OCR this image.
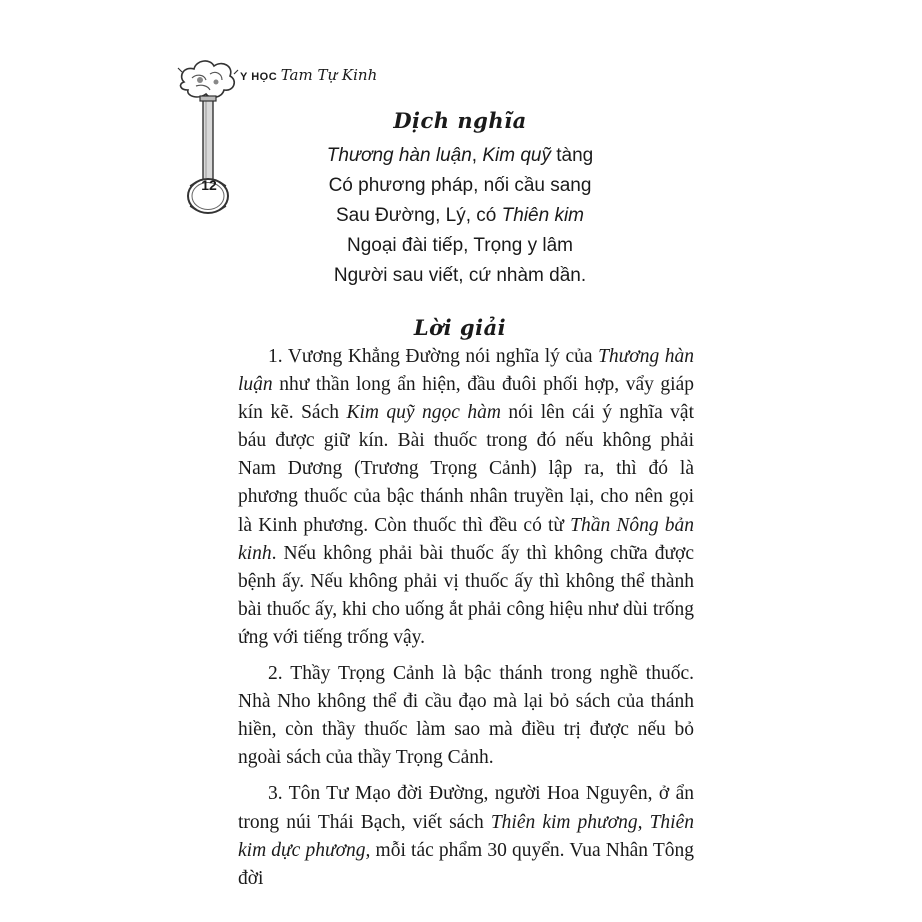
Y HỌC Tam Tự Kinh
12
Dịch nghĩa
Thương hàn luận, Kim quỹ tàng
Có phương pháp, nối cầu sang
Sau Đường, Lý, có Thiên kim
Ngoại đài tiếp, Trọng y lâm
Người sau viết, cứ nhàm dần.
Lời giải

1. Vương Khẳng Đường nói nghĩa lý của Thương hàn luận như thần long ẩn hiện, đầu đuôi phối hợp, vẩy giáp kín kẽ. Sách Kim quỹ ngọc hàm nói lên cái ý nghĩa vật báu được giữ kín. Bài thuốc trong đó nếu không phải Nam Dương (Trương Trọng Cảnh) lập ra, thì đó là phương thuốc của bậc thánh nhân truyền lại, cho nên gọi là Kinh phương. Còn thuốc thì đều có từ Thần Nông bản kinh. Nếu không phải bài thuốc ấy thì không chữa được bệnh ấy. Nếu không phải vị thuốc ấy thì không thể thành bài thuốc ấy, khi cho uống ắt phải công hiệu như dùi trống ứng với tiếng trống vậy.

2. Thầy Trọng Cảnh là bậc thánh trong nghề thuốc. Nhà Nho không thể đi cầu đạo mà lại bỏ sách của thánh hiền, còn thầy thuốc làm sao mà điều trị được nếu bỏ ngoài sách của thầy Trọng Cảnh.

3. Tôn Tư Mạo đời Đường, người Hoa Nguyên, ở ẩn trong núi Thái Bạch, viết sách Thiên kim phương, Thiên kim dực phương, mỗi tác phẩm 30 quyển. Vua Nhân Tông đời
